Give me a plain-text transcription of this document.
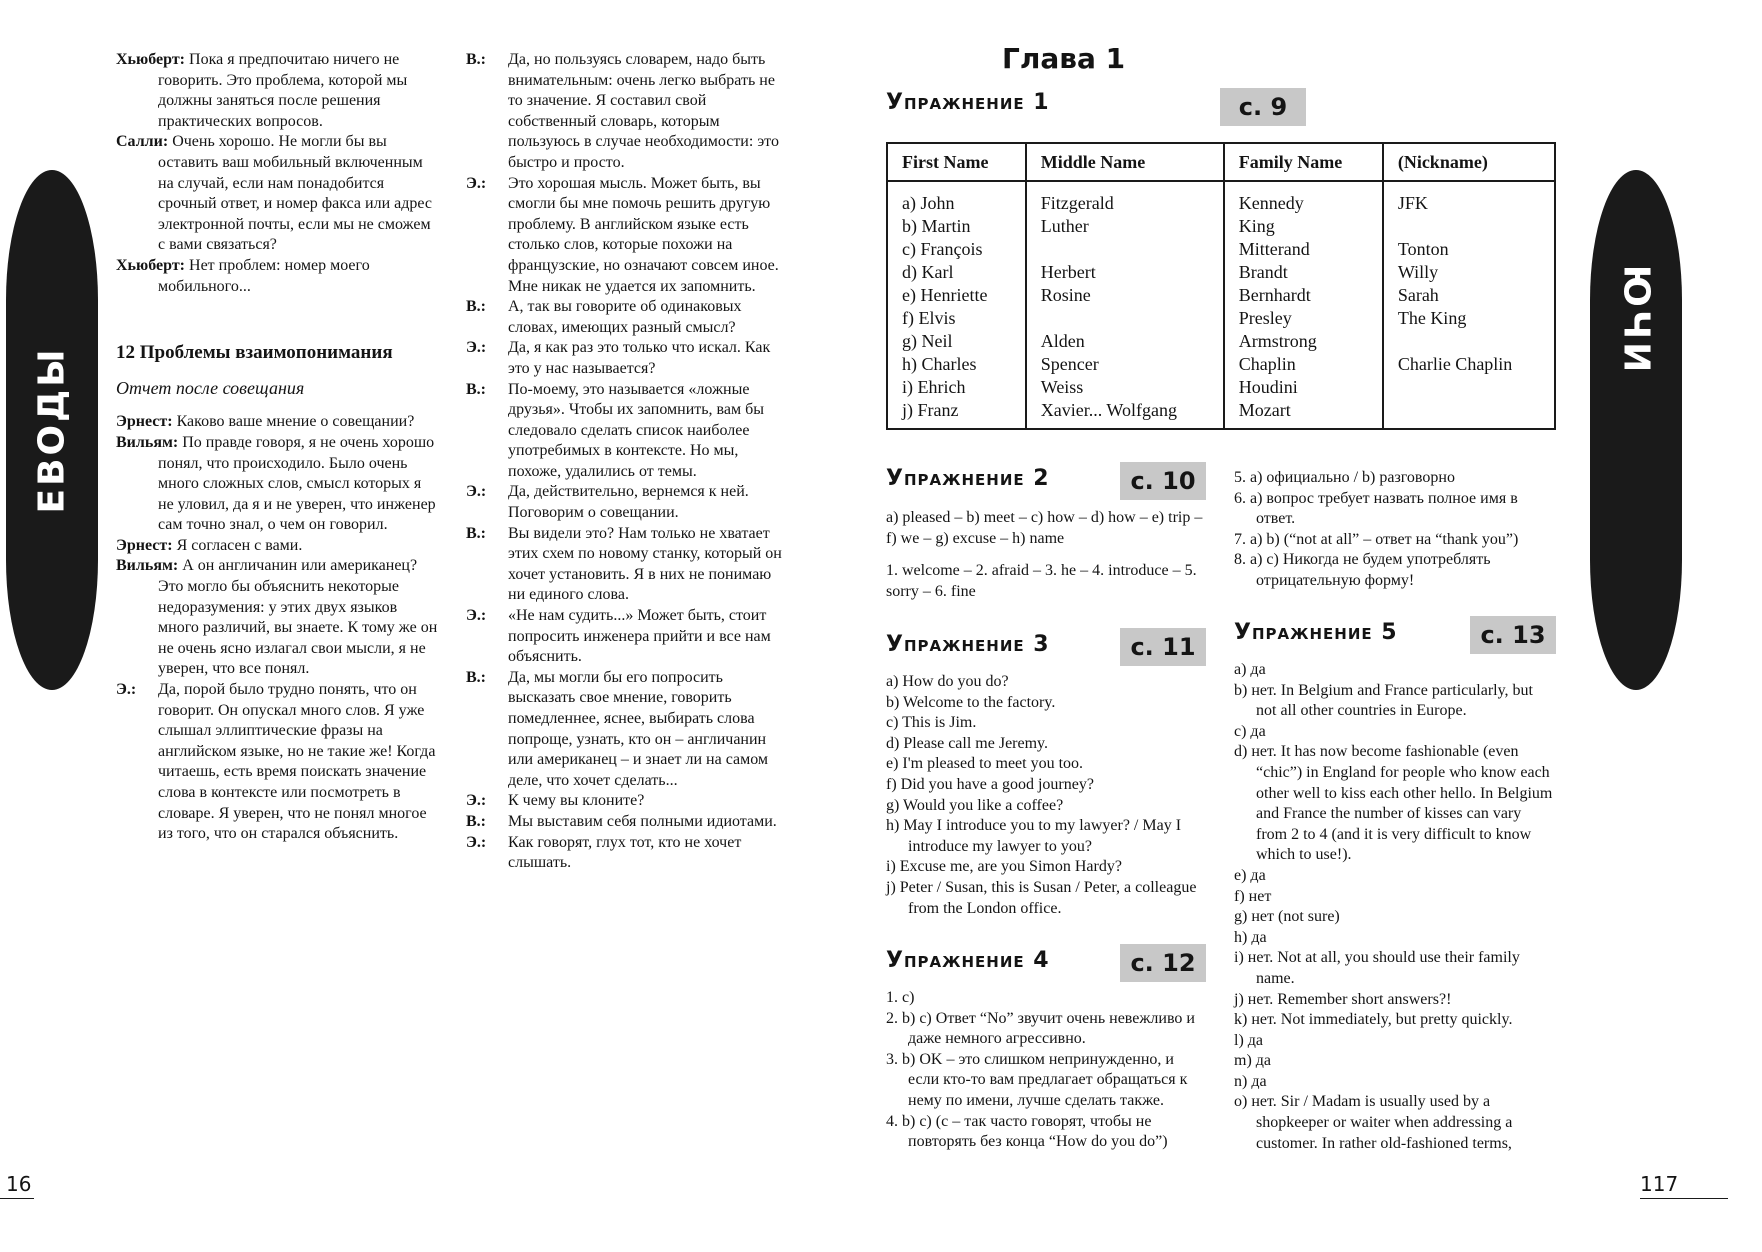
ЕВОДЫ

Хьюберт: Пока я предпочитаю ничего не говорить. Это проблема, которой мы должны заняться после решения практических вопросов.

Салли: Очень хорошо. Не могли бы вы оставить ваш мобильный включенным на случай, если нам понадобится срочный ответ, и номер факса или адрес электронной почты, если мы не сможем с вами связаться?

Хьюберт: Нет проблем: номер моего мобильного...

12 Проблемы взаимопонимания

Отчет после совещания

Эрнест: Каково ваше мнение о совещании?

Вильям: По правде говоря, я не очень хорошо понял, что происходило. Было очень много сложных слов, смысл которых я не уловил, да я и не уверен, что инженер сам точно знал, о чем он говорил.

Эрнест: Я согласен с вами.

Вильям: А он англичанин или американец? Это могло бы объяснить некоторые недоразумения: у этих двух языков много различий, вы знаете. К тому же он не очень ясно излагал свои мысли, я не уверен, что все понял.

Э.: Да, порой было трудно понять, что он говорит. Он опускал много слов. Я уже слышал эллиптические фразы на английском языке, но не такие же! Когда читаешь, есть время поискать значение слова в контексте или посмотреть в словаре. Я уверен, что не понял многое из того, что он старался объяснить.

В.: Да, но пользуясь словарем, надо быть внимательным: очень легко выбрать не то значение. Я составил свой собственный словарь, которым пользуюсь в случае необходимости: это быстро и просто.

Э.: Это хорошая мысль. Может быть, вы смогли бы мне помочь решить другую проблему. В английском языке есть столько слов, которые похожи на французские, но означают совсем иное. Мне никак не удается их запомнить.

В.: А, так вы говорите об одинаковых словах, имеющих разный смысл?

Э.: Да, я как раз это только что искал. Как это у нас называется?

В.: По-моему, это называется «ложные друзья». Чтобы их запомнить, вам бы следовало сделать список наиболее употребимых в контексте. Но мы, похоже, удалились от темы.

Э.: Да, действительно, вернемся к ней. Поговорим о совещании.

В.: Вы видели это? Нам только не хватает этих схем по новому станку, который он хочет установить. Я в них не понимаю ни единого слова.

Э.: «Не нам судить...» Может быть, стоит попросить инженера прийти и все нам объяснить.

В.: Да, мы могли бы его попросить высказать свое мнение, говорить помедленнее, яснее, выбирать слова попроще, узнать, кто он – англичанин или американец – и знает ли на самом деле, что хочет сделать...

Э.: К чему вы клоните?

В.: Мы выставим себя полными идиотами.

Э.: Как говорят, глух тот, кто не хочет слышать.

16
ЮЧИ
Глава 1
Упражнение 1	с. 9
First Name	Middle Name	Family Name	(Nickname)
a) John	Fitzgerald	Kennedy	JFK
b) Martin	Luther	King	
c) François		Mitterand	Tonton
d) Karl	Herbert	Brandt	Willy
e) Henriette	Rosine	Bernhardt	Sarah
f) Elvis		Presley	The King
g) Neil	Alden	Armstrong	
h) Charles	Spencer	Chaplin	Charlie Chaplin
i) Ehrich	Weiss	Houdini	
j) Franz	Xavier... Wolfgang	Mozart	
Упражнение 2	с. 10

a) pleased – b) meet – c) how – d) how – e) trip – f) we – g) excuse – h) name

1. welcome – 2. afraid – 3. he – 4. introduce – 5. sorry – 6. fine

Упражнение 3	с. 11

a) How do you do?

b) Welcome to the factory.

c) This is Jim.

d) Please call me Jeremy.

e) I'm pleased to meet you too.

f) Did you have a good journey?

g) Would you like a coffee?

h) May I introduce you to my lawyer? / May I introduce my lawyer to you?

i) Excuse me, are you Simon Hardy?

j) Peter / Susan, this is Susan / Peter, a colleague from the London office.

Упражнение 4	с. 12

1. c)

2. b) c) Ответ “No” звучит очень невежливо и даже немного агрессивно.

3. b) OK – это слишком непринужденно, и если кто-то вам предлагает обращаться к нему по имени, лучше сделать также.

4. b) c) (c – так часто говорят, чтобы не повторять без конца “How do you do”)

5. a) официально / b) разговорно

6. a) вопрос требует назвать полное имя в ответ.

7. a) b) (“not at all” – ответ на “thank you”)

8. a) c) Никогда не будем употреблять отрицательную форму!

Упражнение 5	с. 13

a) да

b) нет. In Belgium and France particularly, but not all other countries in Europe.

c) да

d) нет. It has now become fashionable (even “chic”) in England for people who know each other well to kiss each other hello. In Belgium and France the number of kisses can vary from 2 to 4 (and it is very difficult to know which to use!).

e) да

f) нет

g) нет (not sure)

h) да

i) нет. Not at all, you should use their family name.

j) нет. Remember short answers?!

k) нет. Not immediately, but pretty quickly.

l) да

m) да

n) да

o) нет. Sir / Madam is usually used by a shopkeeper or waiter when addressing a customer. In rather old-fashioned terms,

117
